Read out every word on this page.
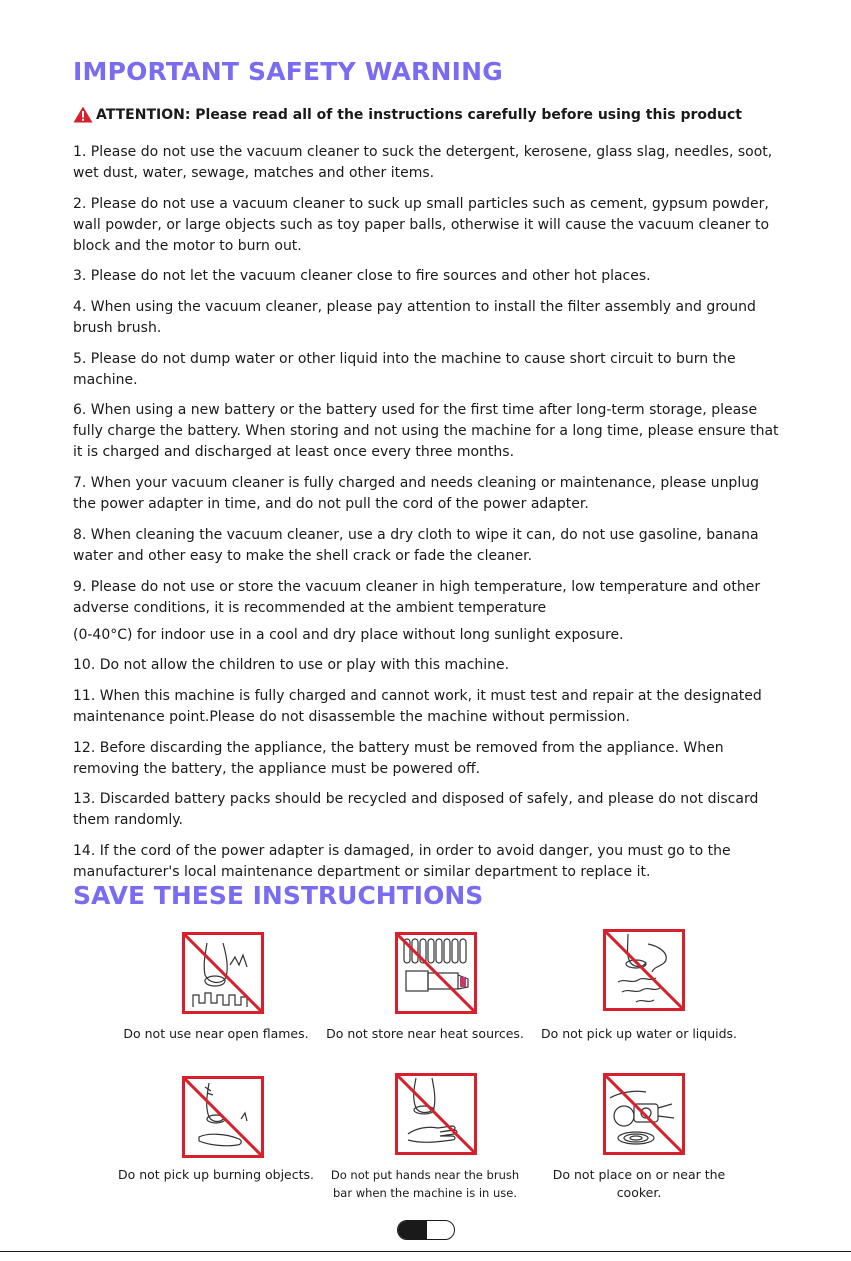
IMPORTANT SAFETY WARNING
ATTENTION : Please read all of the instructions carefully before using this product
1. Please do not use the vacuum cleaner to suck the detergent, kerosene, glass slag, needles, soot, wet dust, water, sewage, matches and other items.
2. Please do not use a vacuum cleaner to suck up small particles such as cement, gypsum powder, wall powder, or large objects such as toy paper balls, otherwise it will cause the vacuum cleaner to block and the motor to burn out.
3. Please do not let the vacuum cleaner close to fire sources and other hot places.
4. When using the vacuum cleaner, please pay attention to install the filter assembly and ground brush brush.
5. Please do not dump water or other liquid into the machine to cause short circuit to burn the machine.
6. When using a new battery or the battery used for the first time after long-term storage, please fully charge the battery. When storing and not using the machine for a long time, please ensure that it is charged and discharged at least once every three months.
7. When your vacuum cleaner is fully charged and needs cleaning or maintenance, please unplug the power adapter in time, and do not pull the cord of the power adapter.
8. When cleaning the vacuum cleaner, use a dry cloth to wipe it can, do not use gasoline, banana water and other easy to make the shell crack or fade the cleaner.
9. Please do not use or store the vacuum cleaner in high temperature, low temperature and other adverse conditions, it is recommended at the ambient temperature
(0-40°C) for indoor use in a cool and dry place without long sunlight exposure.
10. Do not allow the children to use or play with this machine.
11. When this machine is fully charged and cannot work, it must test and repair at the designated maintenance point.Please do not disassemble the machine without permission.
12. Before discarding the appliance, the battery must be removed from the appliance. When removing the battery, the appliance must be powered off.
13. Discarded battery packs should be recycled and disposed of safely, and please do not discard them randomly.
14. If the cord of the power adapter is damaged, in order to avoid danger, you must go to the manufacturer's local maintenance department or similar department to replace it.
SAVE THESE INSTRUCHTIONS
Do not use near open flames.	Do not store near heat sources. Do not pick up water or liquids.
Do not pick up burning objects.	Do not put hands near the brush bar when the machine is in use.
Do not place on or near the cooker.
